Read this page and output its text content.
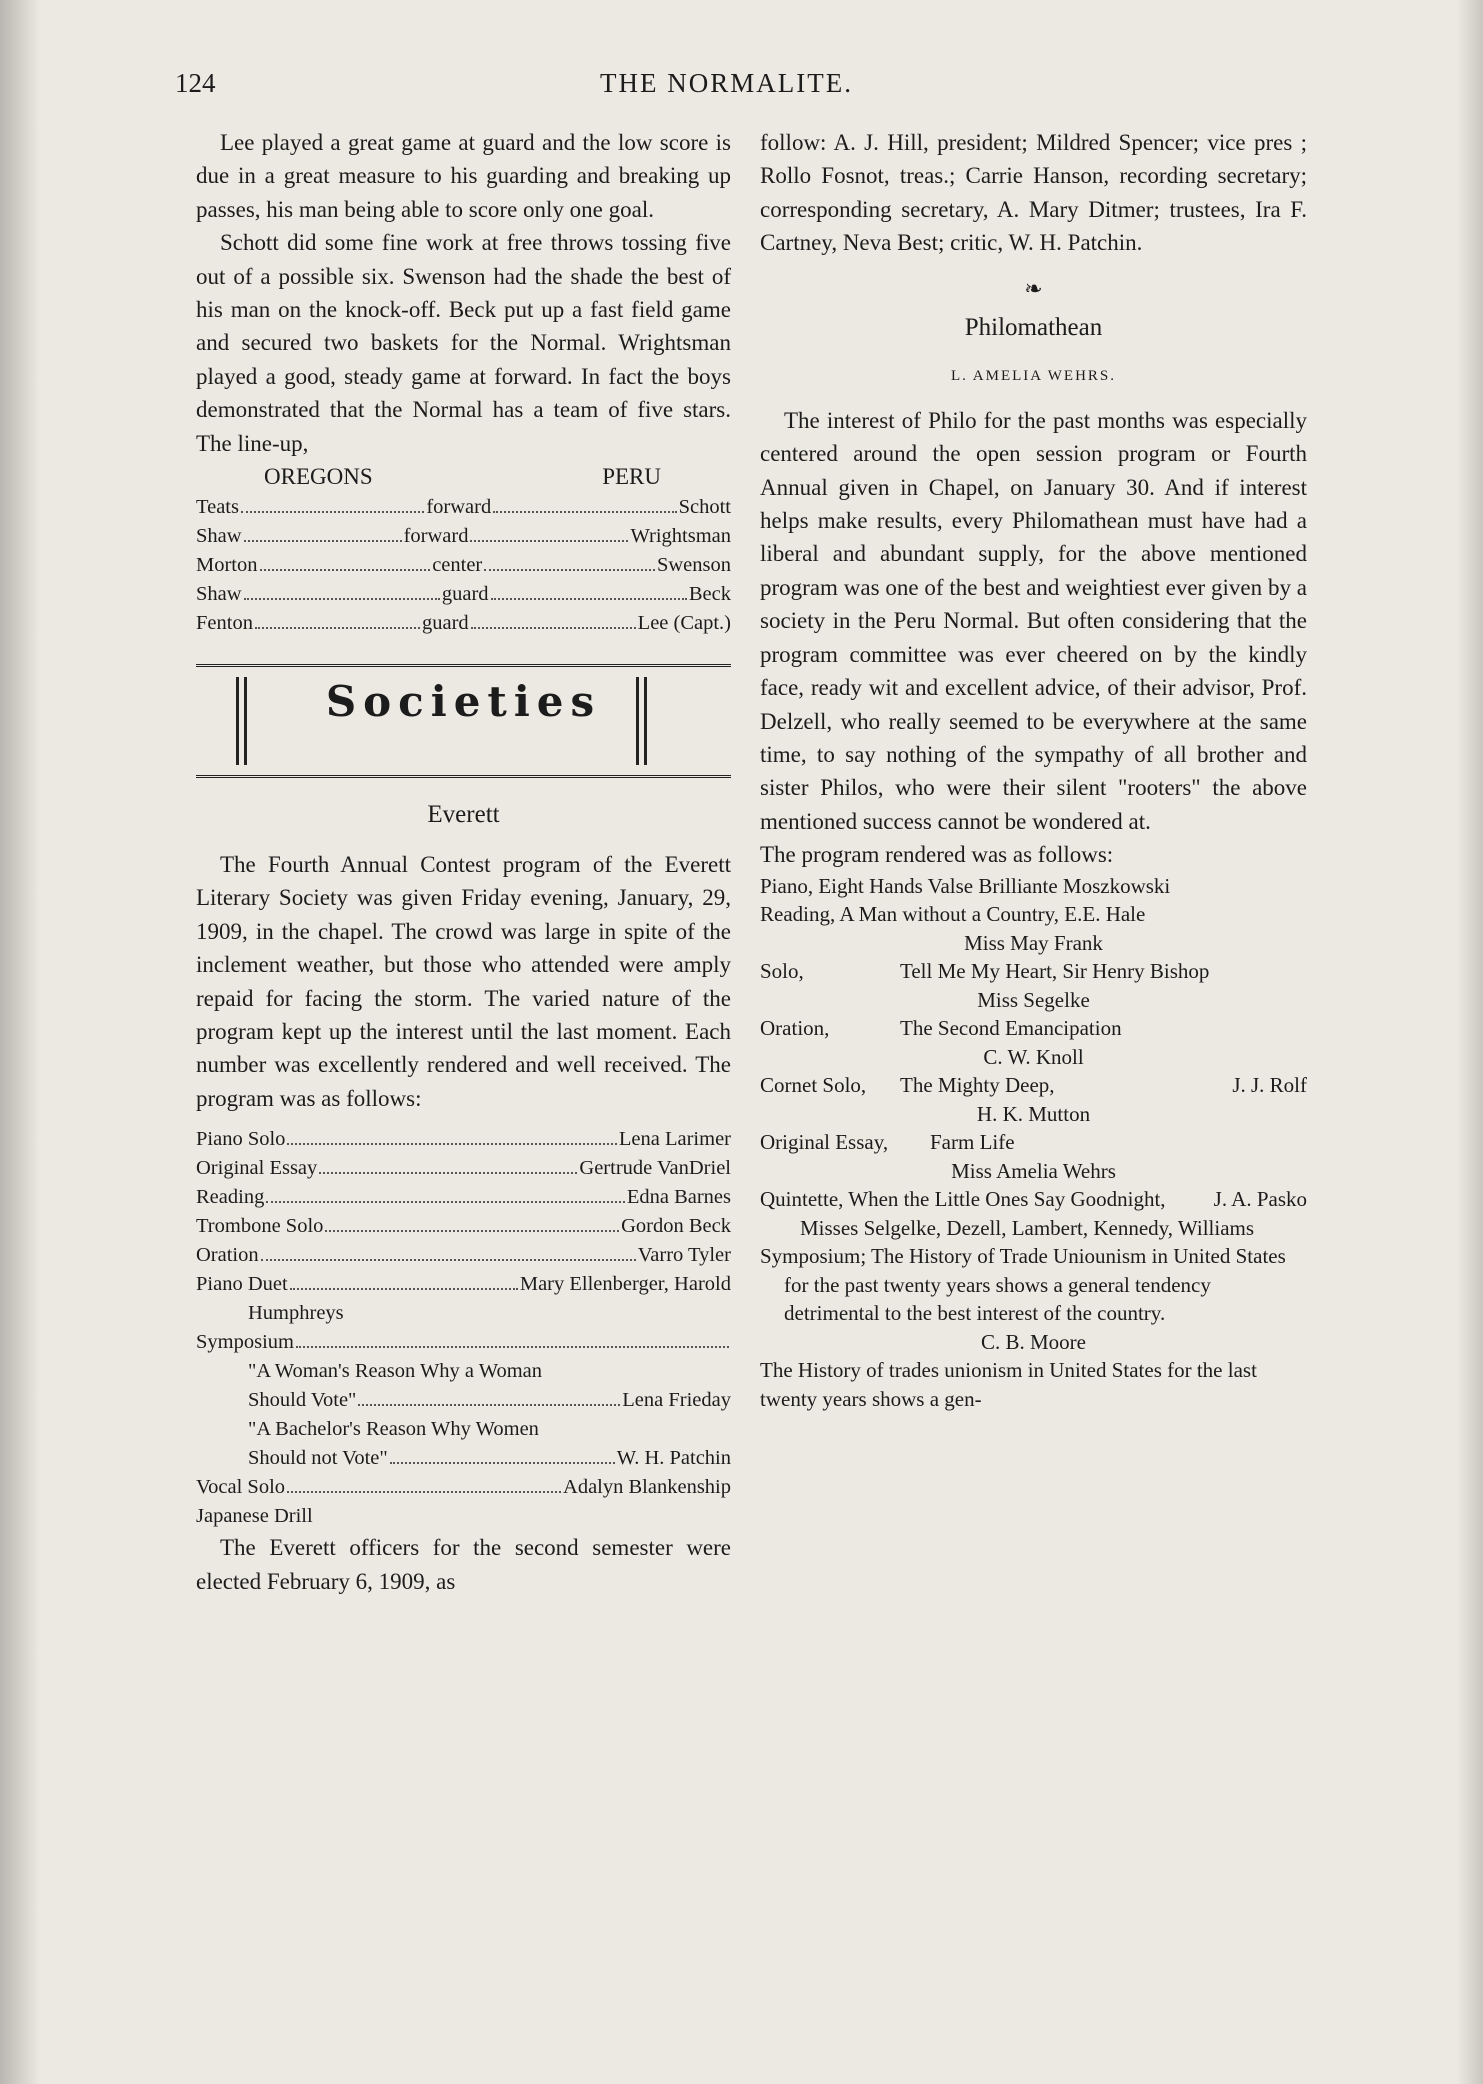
124	THE NORMALITE.

Lee played a great game at guard and the low score is due in a great measure to his guarding and breaking up passes, his man being able to score only one goal.

Schott did some fine work at free throws tossing five out of a possible six. Swenson had the shade the best of his man on the knock-off. Beck put up a fast field game and secured two baskets for the Normal. Wrightsman played a good, steady game at forward. In fact the boys demonstrated that the Normal has a team of five stars. The line-up,

OREGONS	PERU
Teats	forward	Schott
Shaw	forward	Wrightsman
Morton	center	Swenson
Shaw	guard	Beck
Fenton	guard	Lee (Capt.)
Societies
Everett

The Fourth Annual Contest program of the Everett Literary Society was given Friday evening, January, 29, 1909, in the chapel. The crowd was large in spite of the inclement weather, but those who attended were amply repaid for facing the storm. The varied nature of the program kept up the interest until the last moment. Each number was excellently rendered and well received. The program was as follows:

Piano Solo	Lena Larimer
Original Essay	Gertrude VanDriel
Reading	Edna Barnes
Trombone Solo	Gordon Beck
Oration	Varro Tyler
Piano Duet	Mary Ellenberger, Harold
Humphreys
Symposium
"A Woman's Reason Why a Woman
Should Vote"	Lena Frieday
"A Bachelor's Reason Why Women
Should not Vote"	W. H. Patchin
Vocal Solo	Adalyn Blankenship
Japanese Drill

The Everett officers for the second semester were elected February 6, 1909, as

follow: A. J. Hill, president; Mildred Spencer; vice pres ; Rollo Fosnot, treas.; Carrie Hanson, recording secretary; corresponding secretary, A. Mary Ditmer; trustees, Ira F. Cartney, Neva Best; critic, W. H. Patchin.

❧
Philomathean
L. AMELIA WEHRS.

The interest of Philo for the past months was especially centered around the open session program or Fourth Annual given in Chapel, on January 30. And if interest helps make results, every Philomathean must have had a liberal and abundant supply, for the above mentioned program was one of the best and weightiest ever given by a society in the Peru Normal. But often considering that the program committee was ever cheered on by the kindly face, ready wit and excellent advice, of their advisor, Prof. Delzell, who really seemed to be everywhere at the same time, to say nothing of the sympathy of all brother and sister Philos, who were their silent "rooters" the above mentioned success cannot be wondered at.

The program rendered was as follows:

Piano, Eight Hands Valse Brilliante Moszkowski
Reading, A Man without a Country, E.E. Hale
Miss May Frank
Solo,	Tell Me My Heart, Sir Henry Bishop
Miss Segelke
Oration,	The Second Emancipation
C. W. Knoll
Cornet Solo,	The Mighty Deep,	J. J. Rolf
H. K. Mutton
Original Essay,	Farm Life
Miss Amelia Wehrs
Quintette, When the Little Ones Say Goodnight, J. A. Pasko
Misses Selgelke, Dezell, Lambert, Kennedy, Williams
Symposium; The History of Trade Uniounism in United States for the past twenty years shows a general tendency detrimental to the best interest of the country.
C. B. Moore
The History of trades unionism in United States for the last twenty years shows a gen-
